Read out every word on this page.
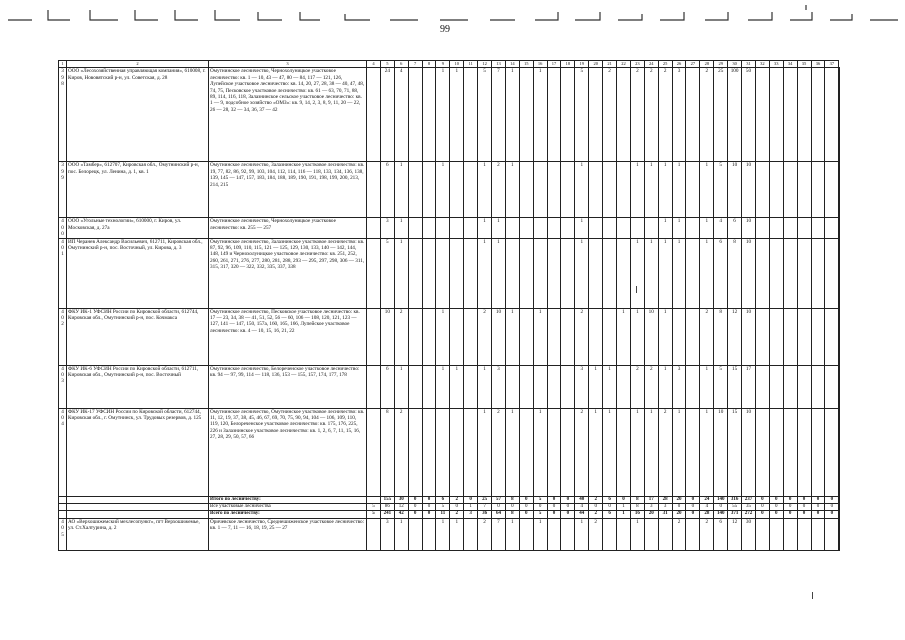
99
1	2	3	4	5	6	7	8	9	10	11	12	13	14	15	16	17	18	19	20	21	22	23	24	25	26	27	28	29	30	31	32	33	34	35	36	37	
398	ООО «Лесохозяйственная управляющая компания», 610008, г. Киров, Нововятский р-н, ул. Советская, д. 28	Омутнинское лесничество, Чернохолуницкое участковое лесничество: кв. 1 — 10, 43 — 47, 80 — 84, 117 — 121, 126, Лупейское участковое лесничество: кв. 14, 20, 27, 28, 38 — 40, 47, 48, 74, 75, Песковское участковое лесничество: кв. 61 — 63, 70, 71, 88, 89, 114, 116, 118, Залазнинское сельское участковое лесничество: кв. 1 — 9, подсобное хозяйство «ОМЗ»: кв. 9, 14, 2, 3, 8, 9, 11, 20 — 22, 26 — 28, 32 — 34, 36, 37 — 42		24	4			1	1		5	7	1		1			5		2		2	2	2	3		2	25	100	50							
399	ООО «Тамбер», 612707, Кировская обл., Омутнинский р-н, пос. Белорецк, ул. Ленина, д. 1, кв. 1	Омутнинское лесничество, Залазнинское участковое лесничество: кв. 19, 77, 82, 86, 92, 99, 103, 104, 112, 114, 116 — 118, 133, 134, 136, 138, 139, 145 — 147, 157, 183, 184, 188, 189, 190, 191, 198, 199, 200, 213, 214, 215		6	1			1			1	2	1					1				1	1	1	1		1	5	10	10							
400	ООО «Угольные технологии», 610000, г. Киров, ул. Московская, д. 27а	Омутнинское лесничество, Чернохолуницкое участковое лесничество: кв. 255 — 257		3	1						1	1						1						1	1		1	4	6	10							
401	ИП Черанев Александр Васильевич, 612711, Кировская обл., Омутнинский р-н, пос. Восточный, ул. Кирова, д. 3	Омутнинское лесничество, Залазнинское участковое лесничество: кв. 87, 92, 96, 109, 110, 115, 121 — 125, 129, 130, 133, 140 — 142, 144, 148, 149 и Чернохолуницкое участковое лесничество: кв. 251, 252, 260, 261, 271, 276, 277, 280, 281, 288, 293 — 295, 297, 298, 306 — 311, 315, 317, 320 — 322, 332, 335, 337, 338		5	1						1	1						1				1	1	1	1		1	6	8	10							
402	ФКУ ИК-1 УФСИН России по Кировской области, 612744, Кировская обл., Омутнинский р-н, пос. Кочмакса	Омутнинское лесничество, Песковское участковое лесничество: кв. 17 — 23, 34, 38 — 41, 51, 52, 56 — 60, 106 — 108, 120, 121, 123 — 127, 141 — 147, 150, 157а, 160, 165, 166, Лупейское участковое лесничество: кв. 4 — 10, 15, 16, 21, 22		10	2			1			2	10	1		1			2			1	1	10	1			2	8	12	10							
403	ФКУ ИК-6 УФСИН России по Кировской области, 612711, Кировская обл., Омутнинский р-н, пос. Восточный	Омутнинское лесничество, Белореченское участковое лесничество: кв. 94 — 97, 99, 114 — 118, 136, 153 — 155, 157, 174, 177, 178		6	1			1	1		1	3						3	1	1		2	2	1	3		1	5	15	17							
404	ФКУ ИК-17 УФСИН России по Кировской области, 612744, Кировская обл., г. Омутнинск, ул. Трудовых резервов, д. 125	Омутнинское лесничество, Омутнинское участковое лесничество: кв. 11, 12, 19, 37, 38, 45, 46, 67, 69, 70, 75, 90, 94, 104 — 106, 109, 110, 119, 120, Белореченское участковое лесничество: кв. 175, 176, 225, 226 и Залазнинское участковое лесничество: кв. 1, 2, 6, 7, 11, 15, 16, 27, 28, 29, 50, 57, 66		8	2						1	2	1		1			2	1	1		1	1	2	1		1	10	15	10							
		Итого по лесничеству:		155	30	0	0	6	2	0	25	57	8	0	5	0	0	40	2	6	0	8	17	28	20	0	24	140	316	237	0	0	0	0	0	0	
		Все участковые лесничества	5	86	12	0	0	5	0	1	7	0	0	0	0	0	0	4	0	0	1	8	3	3	0	0	4	0	55	35	0	0	0	0	0	0	
		Всего по лесничеству:	5	241	42	0	0	11	2	3	36	64	8	0	5	0	0	44	2	6	1	16	20	31	20	0	28	140	371	272	0	0	0	0	0	0	
405	АО «Верхошижемский мехлесопункт», пгт Верхошижемье, ул. Ст.Халтурина, д. 2	Оричевское лесничество, Среднешиженское участковое лесничество: кв. 1 — 7, 11 — 16, 18, 19, 25 — 27		3	1			1	1		2	7	1		1			1	2			1			2		2	6	12	30							
